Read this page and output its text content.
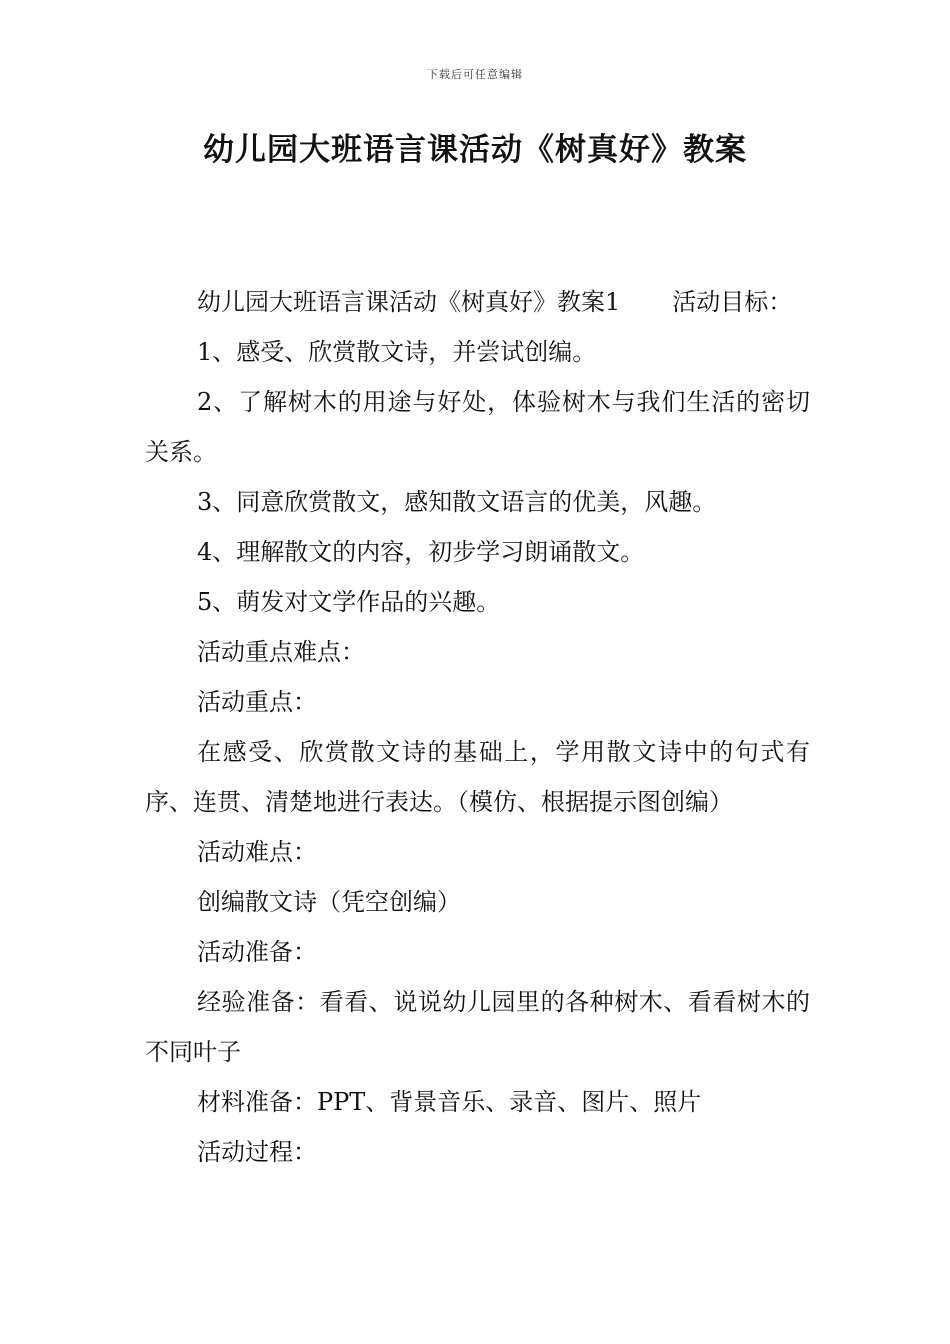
下载后可任意编辑
幼儿园大班语言课活动《树真好》教案

幼儿园大班语言课活动《树真好》教案1 活动目标：

1、感受、欣赏散文诗，并尝试创编。

2、了解树木的用途与好处，体验树木与我们生活的密切关系。

3、同意欣赏散文，感知散文语言的优美，风趣。

4、理解散文的内容，初步学习朗诵散文。

5、萌发对文学作品的兴趣。

活动重点难点：

活动重点：

在感受、欣赏散文诗的基础上，学用散文诗中的句式有序、连贯、清楚地进行表达。（模仿、根据提示图创编）

活动难点：

创编散文诗（凭空创编）

活动准备：

经验准备：看看、说说幼儿园里的各种树木、看看树木的不同叶子

材料准备：PPT、背景音乐、录音、图片、照片

活动过程：
